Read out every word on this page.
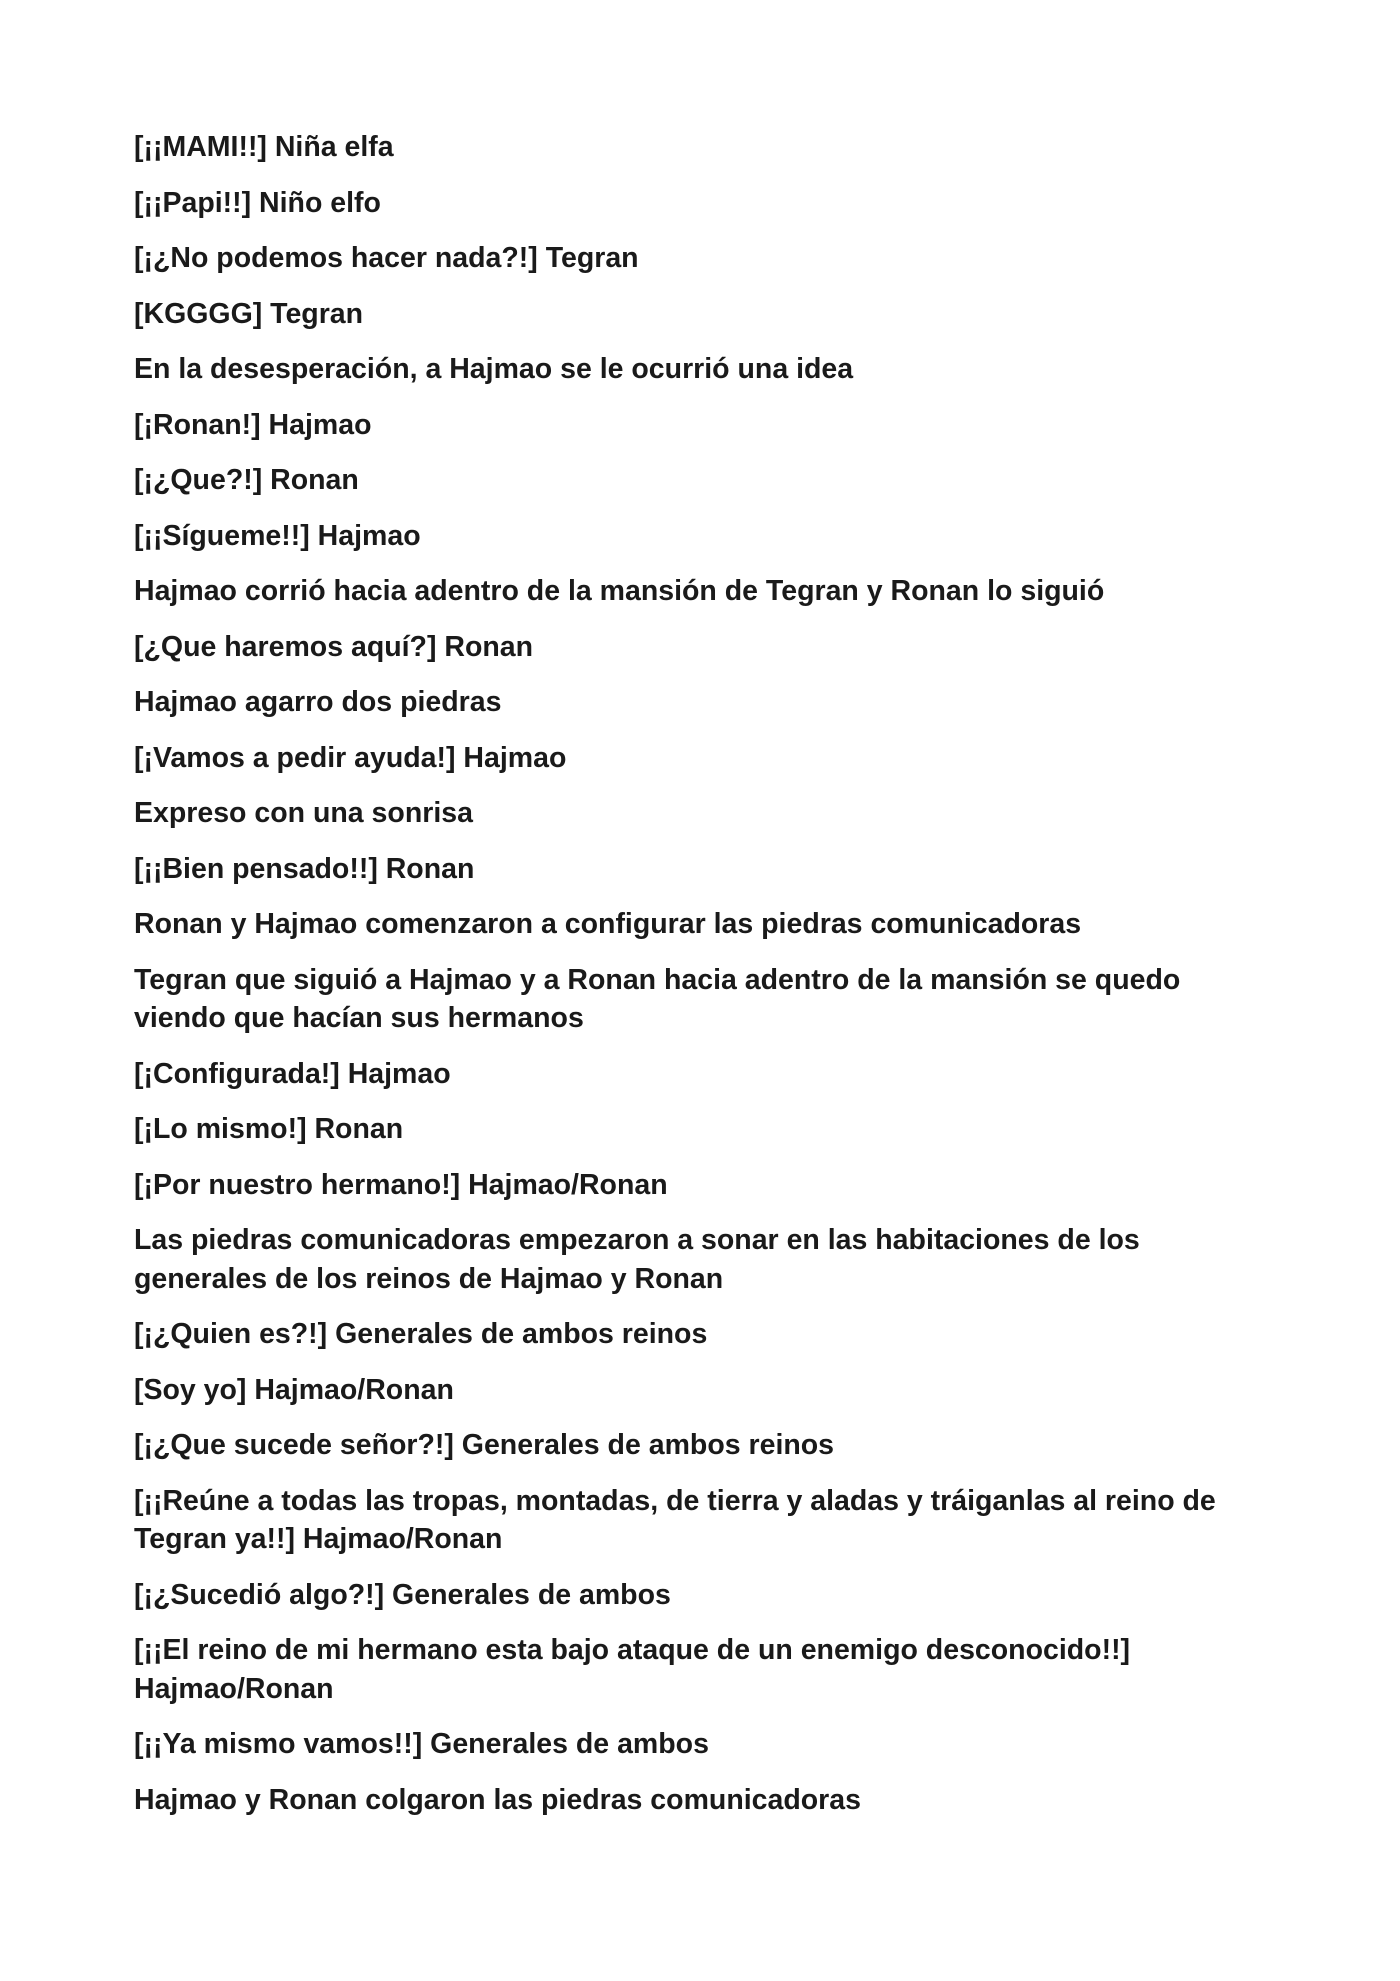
[¡¡MAMI!!] Niña elfa

[¡¡Papi!!] Niño elfo

[¡¿No podemos hacer nada?!] Tegran

[KGGGG] Tegran

En la desesperación, a Hajmao se le ocurrió una idea

[¡Ronan!] Hajmao

[¡¿Que?!] Ronan

[¡¡Sígueme!!] Hajmao

Hajmao corrió hacia adentro de la mansión de Tegran y Ronan lo siguió

[¿Que haremos aquí?] Ronan

Hajmao agarro dos piedras

[¡Vamos a pedir ayuda!] Hajmao

Expreso con una sonrisa

[¡¡Bien pensado!!] Ronan

Ronan y Hajmao comenzaron a configurar las piedras comunicadoras

Tegran que siguió a Hajmao y a Ronan hacia adentro de la mansión se quedo viendo que hacían sus hermanos

[¡Configurada!] Hajmao

[¡Lo mismo!] Ronan

[¡Por nuestro hermano!] Hajmao/Ronan

Las piedras comunicadoras empezaron a sonar en las habitaciones de los generales de los reinos de Hajmao y Ronan

[¡¿Quien es?!] Generales de ambos reinos

[Soy yo] Hajmao/Ronan

[¡¿Que sucede señor?!] Generales de ambos reinos

[¡¡Reúne a todas las tropas, montadas, de tierra y aladas y tráiganlas al reino de Tegran ya!!] Hajmao/Ronan

[¡¿Sucedió algo?!] Generales de ambos

[¡¡El reino de mi hermano esta bajo ataque de un enemigo desconocido!!] Hajmao/Ronan

[¡¡Ya mismo vamos!!] Generales de ambos

Hajmao y Ronan colgaron las piedras comunicadoras
